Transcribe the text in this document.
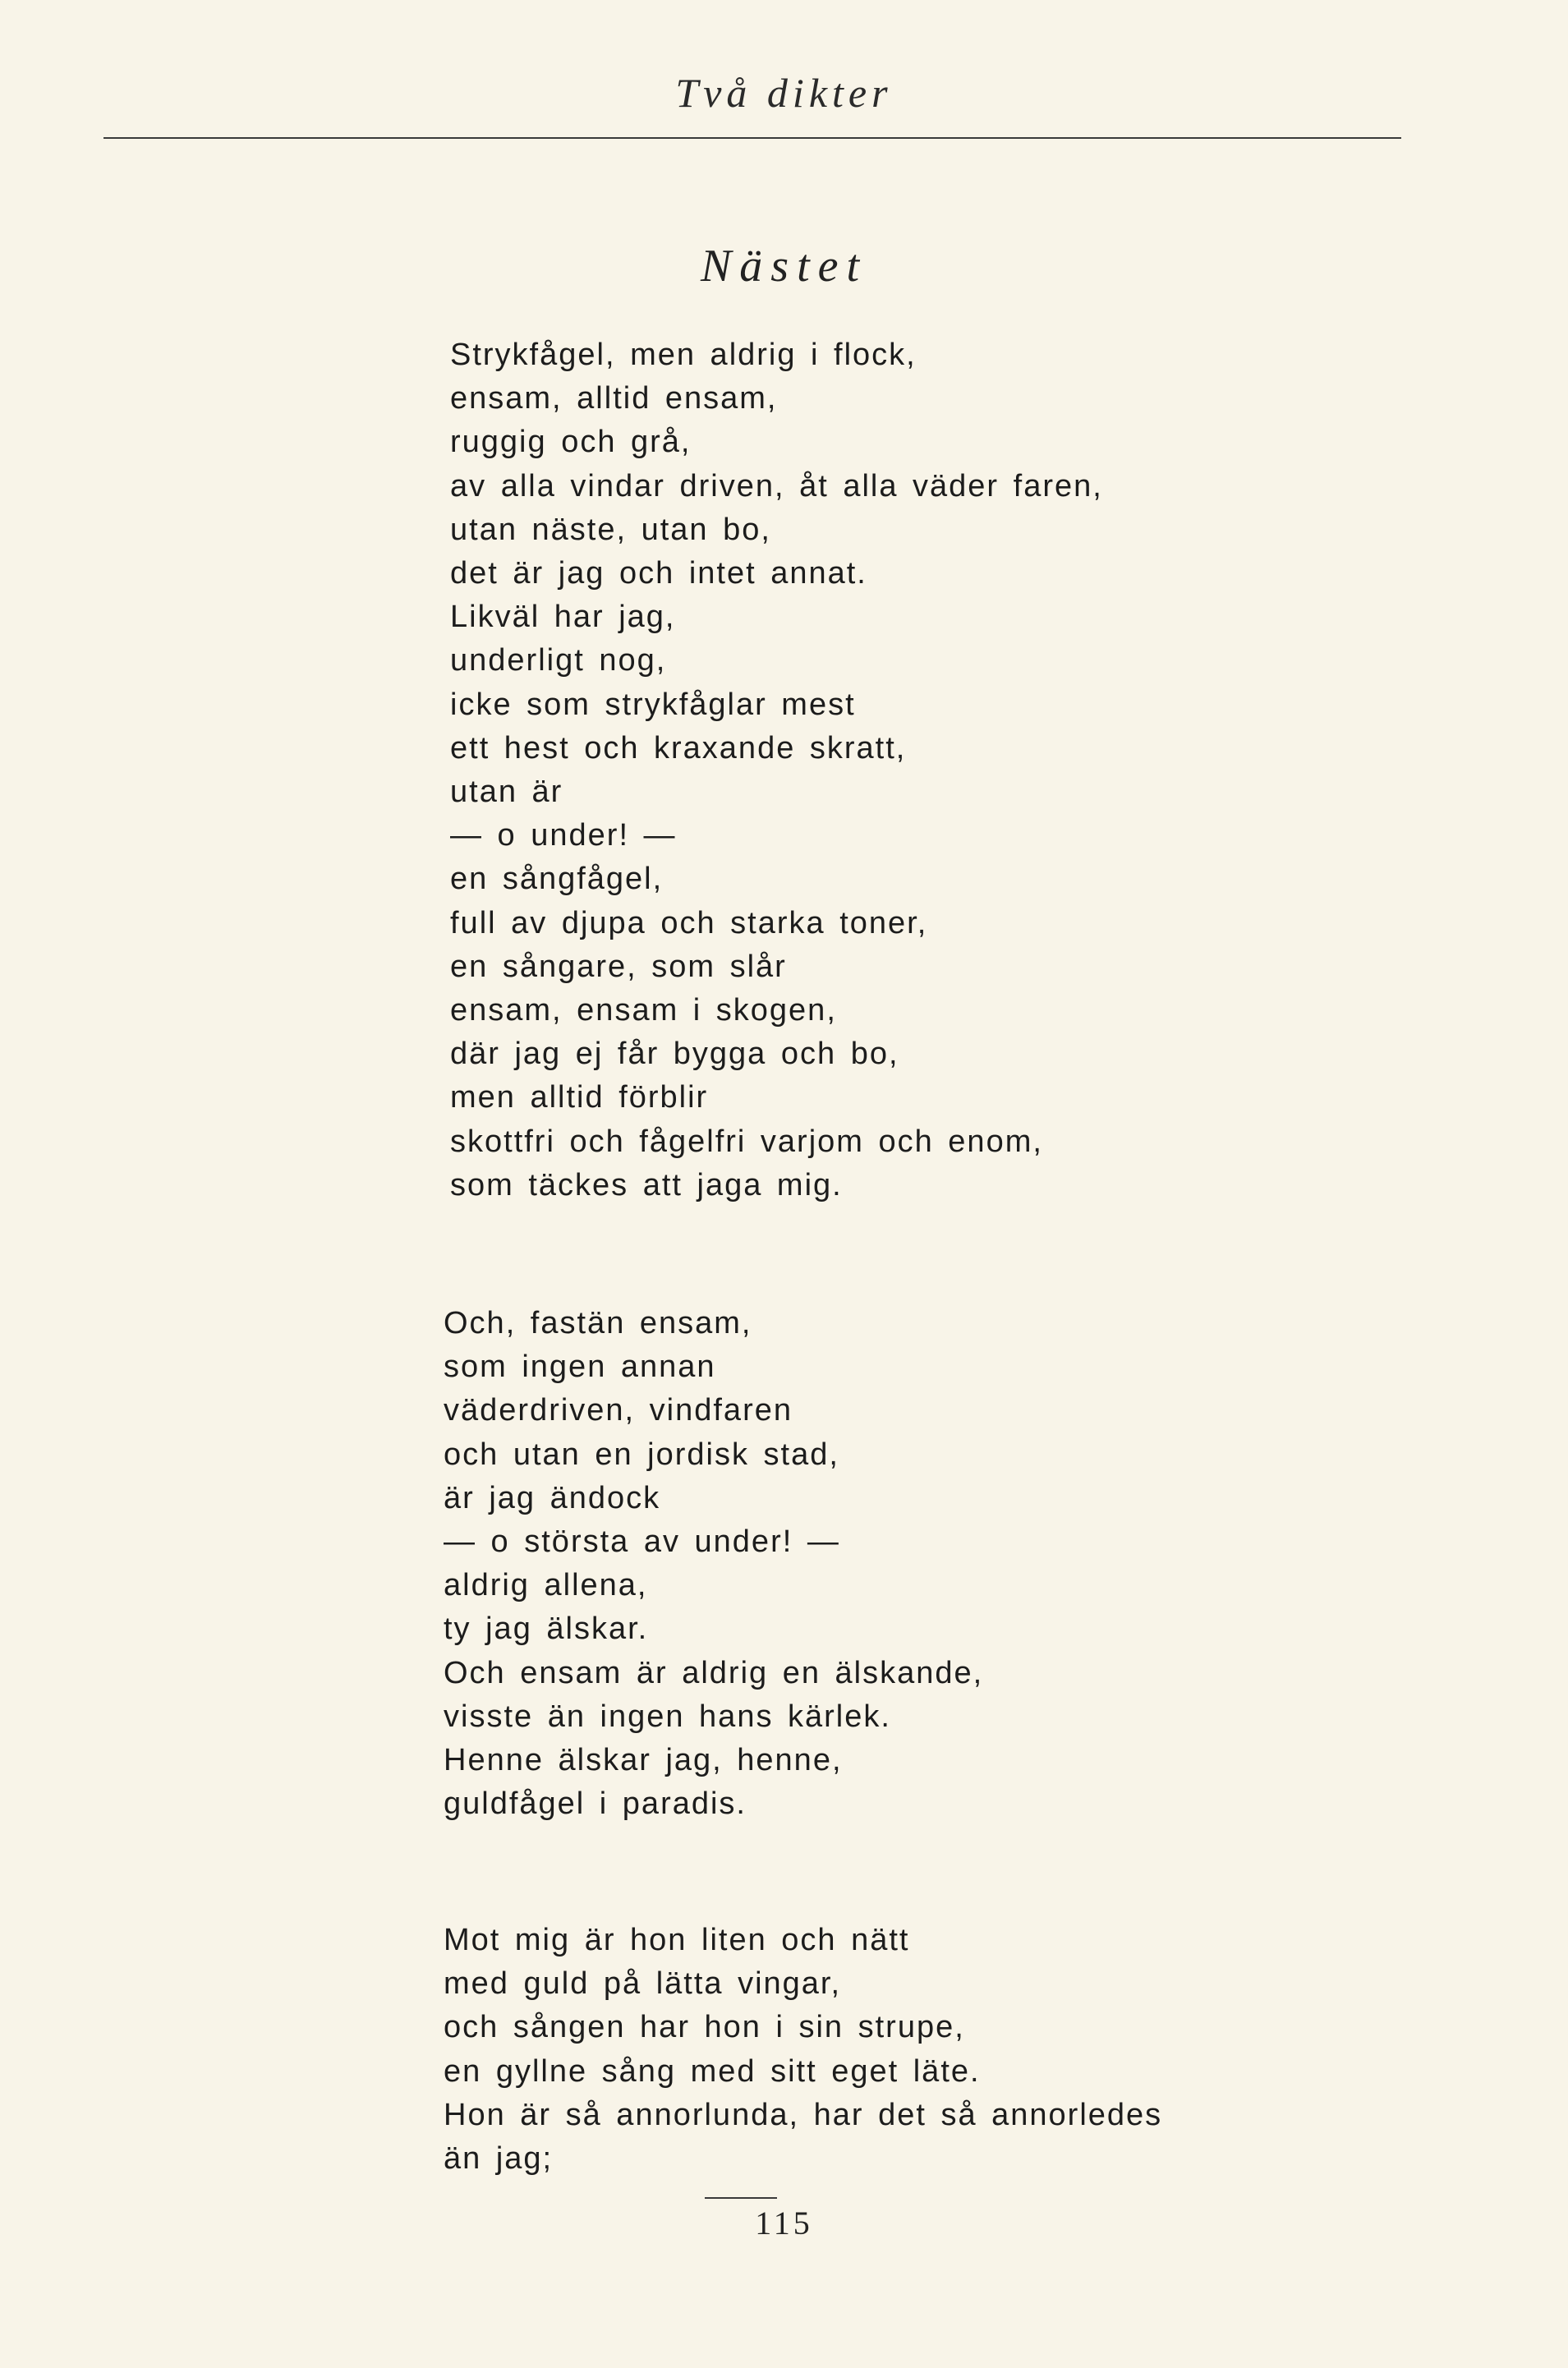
Två dikter
Nästet
Strykfågel, men aldrig i flock,
ensam, alltid ensam,
ruggig och grå,
av alla vindar driven, åt alla väder faren,
utan näste, utan bo,
det är jag och intet annat.
Likväl har jag,
underligt nog,
icke som strykfåglar mest
ett hest och kraxande skratt,
utan är
— o under! —
en sångfågel,
full av djupa och starka toner,
en sångare, som slår
ensam, ensam i skogen,
där jag ej får bygga och bo,
men alltid förblir
skottfri och fågelfri varjom och enom,
som täckes att jaga mig.
Och, fastän ensam,
som ingen annan
väderdriven, vindfaren
och utan en jordisk stad,
är jag ändock
— o största av under! —
aldrig allena,
ty jag älskar.
Och ensam är aldrig en älskande,
visste än ingen hans kärlek.
Henne älskar jag, henne,
guldfågel i paradis.
Mot mig är hon liten och nätt
med guld på lätta vingar,
och sången har hon i sin strupe,
en gyllne sång med sitt eget läte.
Hon är så annorlunda, har det så annorledes
än jag;
115
